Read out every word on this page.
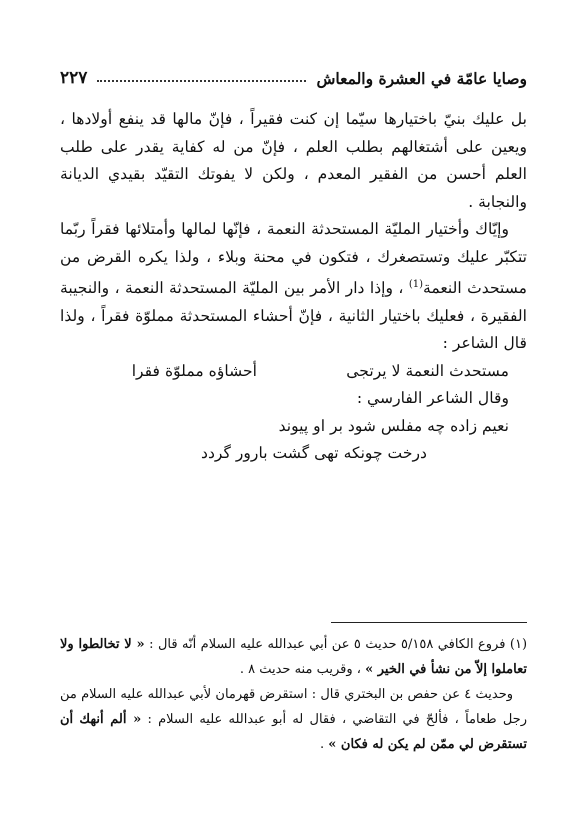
وصايا عامّة في العشرة والمعاش
٢٢٧

بل عليك بنيّ باختيارها سيّما إن كنت فقيراً ، فإنّ مالها قد ينفع أولادها ، ويعين على أشتغالهم بطلب العلم ، فإنّ من له كفاية يقدر على طلب العلم أحسن من الفقير المعدم ، ولكن لا يفوتك التقيّد بقيدي الديانة والنجابة .

وإيّاك وأختيار المليّة المستحدثة النعمة ، فإنّها لمالها وأمتلائها فقراً ربّما تتكبّر عليك وتستصغرك ، فتكون في محنة وبلاء ، ولذا يكره القرض من مستحدث النعمة$^{(1)}$ ، وإذا دار الأمر بين المليّة المستحدثة النعمة ، والنجيبة الفقيرة ، فعليك باختيار الثانية ، فإنّ أحشاء المستحدثة مملوّة فقراً ، ولذا قال الشاعر :

مستحدث النعمة لا يرتجىأحشاؤه مملوّة فقرا
وقال الشاعر الفارسي :
نعيم زاده چه مفلس شود بر او پيوند
درخت چونكه تهى گشت بارور گردد

(١) فروع الكافي ٥/١٥٨ حديث ٥ عن أبي عبدالله عليه السلام أنّه قال : « لا تخالطوا ولا تعاملوا إلاّ من نشأ في الخير » ، وقريب منه حديث ٨ .

وحديث ٤ عن حفص بن البختري قال : استقرض قهرمان لأبي عبدالله عليه السلام من رجل طعاماً ، فألحّ في التقاضي ، فقال له أبو عبدالله عليه السلام : « ألم أنهك أن تستقرض لي ممّن لم يكن له فكان » .
